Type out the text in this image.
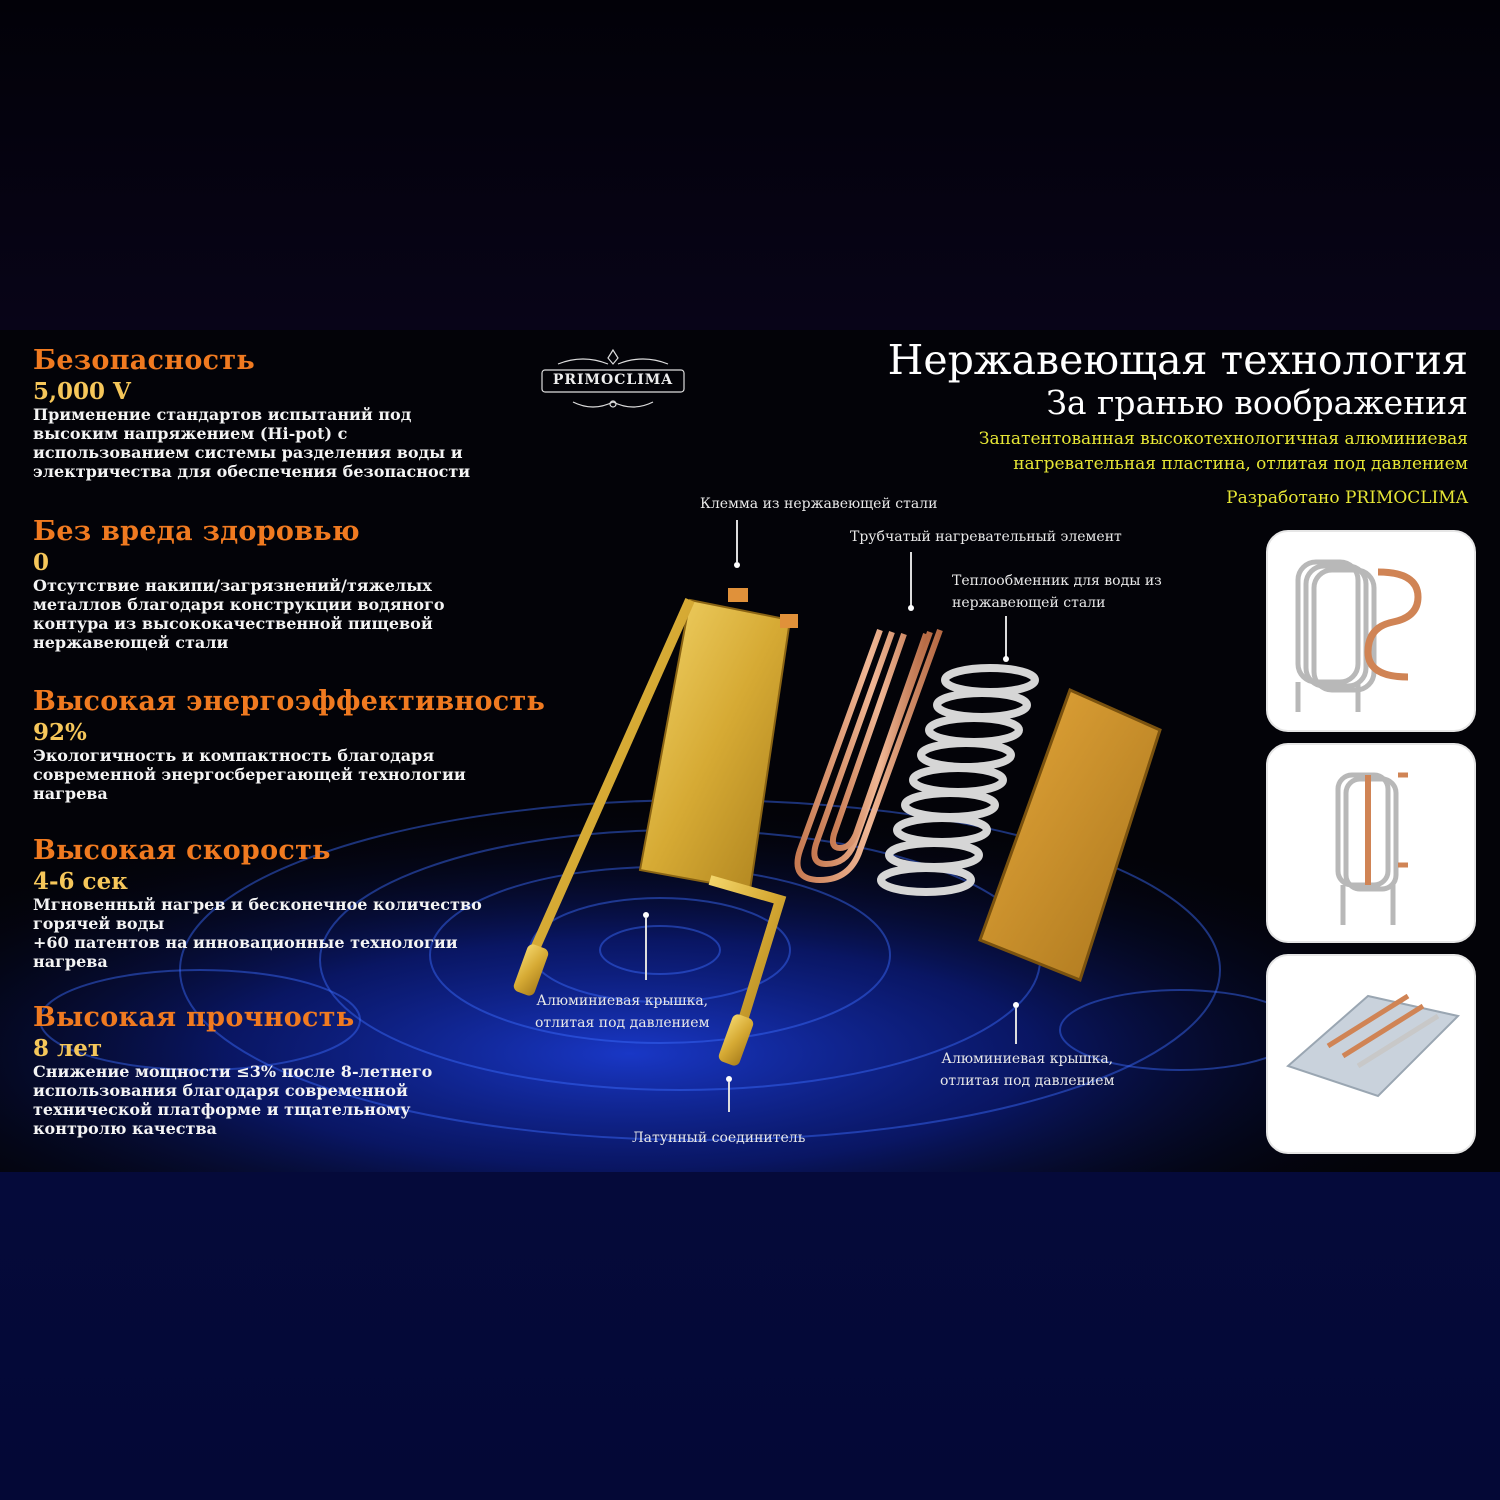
Безопасность
5,000 V
Применение стандартов испытаний под
высоким напряжением (Hi-pot) с
использованием системы разделения воды и
электричества для обеспечения безопасности
Без вреда здоровью
0
Отсутствие накипи/загрязнений/тяжелых
металлов благодаря конструкции водяного
контура из высококачественной пищевой
нержавеющей стали
Высокая энергоэффективность
92%
Экологичность и компактность благодаря
современной энергосберегающей технологии
нагрева
Высокая скорость
4-6 сек
Мгновенный нагрев и бесконечное количество
горячей воды
+60 патентов на инновационные технологии
нагрева
Высокая прочность
8 лет
Снижение мощности ≤3% после 8-летнего
использования благодаря современной
технической платформе и тщательному
контролю качества
PRIMOCLIMA	Нержавеющая технология
За гранью воображения
Запатентованная высокотехнологичная алюминиевая
нагревательная пластина, отлитая под давлением
Разработано PRIMOCLIMA
Клемма из нержавеющей стали
Трубчатый нагревательный элемент
Теплообменник для воды из
нержавеющей стали
Алюминиевая крышка,
отлитая под давлением
Алюминиевая крышка,
отлитая под давлением
Латунный соединитель
